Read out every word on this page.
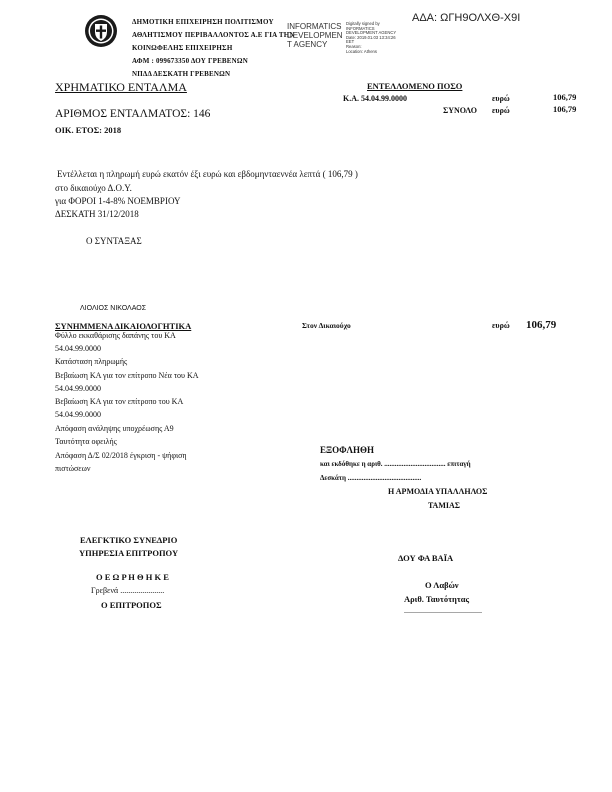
ΔΗΜΟΤΙΚΗ ΕΠΙΧΕΙΡΗΣΗ ΠΟΛΙΤΙΣΜΟΥ
ΑΘΛΗΤΙΣΜΟΥ ΠΕΡΙΒΑΛΛΟΝΤΟΣ Α.Ε ΓΙΑ ΤΗΝ
ΚΟΙΝΩΦΕΛΗΣ ΕΠΙΧΕΙΡΗΣΗ
ΑΦΜ : 099673350 ΔΟΥ ΓΡΕΒΕΝΩΝ
ΝΠΔΔ ΔΕΣΚΑΤΗ ΓΡΕΒΕΝΩΝ
INFORMATICS
DEVELOPMEN
T AGENCY
Digitally signed by
INFORMATICS
DEVELOPMENT AGENCY
Date: 2019.01.03 13:34:26
EET
Reason:
Location: Athens
ΑΔΑ: ΩΓΗ9ΟΛΧΘ-Χ9Ι
ΧΡΗΜΑΤΙΚΟ ΕΝΤΑΛΜΑ
ΑΡΙΘΜΟΣ ΕΝΤΑΛΜΑΤΟΣ: 146
ΟΙΚ. ΕΤΟΣ: 2018
ΕΝΤΕΛΛΟΜΕΝΟ ΠΟΣΟ
Κ.Α. 54.04.99.0000	ευρώ	106,79
ΣΥΝΟΛΟ ευρώ	106,79
Εντέλλεται η πληρωμή ευρώ εκατόν έξι ευρώ και εβδομηνταεννέα λεπτά ( 106,79 )
στο δικαιούχο Δ.Ο.Υ.
για ΦΟΡΟΙ 1-4-8% ΝΟΕΜΒΡΙΟΥ
ΔΕΣΚΑΤΗ 31/12/2018
Ο ΣΥΝΤΑΞΑΣ
ΛΙΟΛΙΟΣ ΝΙΚΟΛΑΟΣ
ΣΥΝΗΜΜΕΝΑ ΔΙΚΑΙΟΛΟΓΗΤΙΚΑ
Φύλλο εκκαθάρισης δαπάνης του ΚΑ
54.04.99.0000
Κατάσταση πληρωμής
Βεβαίωση ΚΑ για τον επίτροπο Νέα του ΚΑ
54.04.99.0000
Βεβαίωση ΚΑ για τον επίτροπο του ΚΑ
54.04.99.0000
Απόφαση ανάληψης υποχρέωσης Α9
Ταυτότητα οφειλής
Απόφαση Δ/Σ 02/2018 έγκριση - ψήφιση
πιστώσεων
Στον Δικαιούχο	ευρώ 106,79
ΕΞΟΦΛΗΘΗ
και εκδόθηκε η αριθ. ................................... επιταγή
Δεσκάτη ..........................................
Η ΑΡΜΟΔΙΑ ΥΠΑΛΛΗΛΟΣ
ΤΑΜΙΑΣ
ΕΛΕΓΚΤΙΚΟ ΣΥΝΕΔΡΙΟ
ΥΠΗΡΕΣΙΑ ΕΠΙΤΡΟΠΟΥ
Ο Ε Ω Ρ Η Θ Η Κ Ε
Γρεβενά ......................
Ο ΕΠΙΤΡΟΠΟΣ
ΔΟΥ ΦΑ ΒΑΪΑ
Ο Λαβών
Αριθ. Ταυτότητας
.......................................
